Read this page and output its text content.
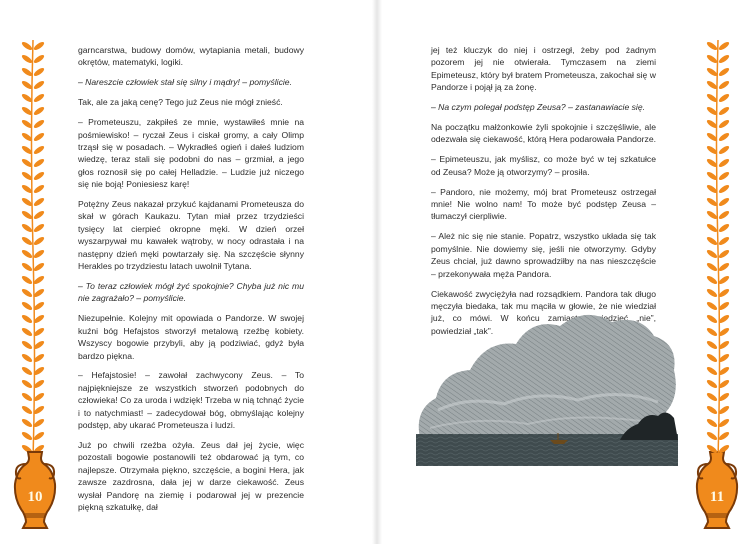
10

garncarstwa, budowy domów, wytapiania metali, budowy okrętów, matematyki, logiki.

– Nareszcie człowiek stał się silny i mądry! – pomyślicie.

Tak, ale za jaką cenę? Tego już Zeus nie mógł znieść.

– Prometeuszu, zakpiłeś ze mnie, wystawiłeś mnie na pośmiewisko! – ryczał Zeus i ciskał gromy, a cały Olimp trząsł się w posadach. – Wykradłeś ogień i dałeś ludziom wiedzę, teraz stali się podobni do nas – grzmiał, a jego głos roznosił się po całej Helladzie. – Ludzie już niczego się nie boją! Poniesiesz karę!

Potężny Zeus nakazał przykuć kajdanami Prometeusza do skał w górach Kaukazu. Tytan miał przez trzydzieści tysięcy lat cierpieć okropne męki. W dzień orzeł wyszarpywał mu kawałek wątroby, w nocy odrastała i na następny dzień męki powtarzały się. Na szczęście słynny Herakles po trzydziestu latach uwolnił Tytana.

– To teraz człowiek mógł żyć spokojnie? Chyba już nic mu nie zagrażało? – pomyślicie.

Niezupełnie. Kolejny mit opowiada o Pandorze. W swojej kuźni bóg Hefajstos stworzył metalową rzeźbę kobiety. Wszyscy bogowie przybyli, aby ją podziwiać, gdyż była bardzo piękna.

– Hefajstosie! – zawołał zachwycony Zeus. – To najpiękniejsze ze wszystkich stworzeń podobnych do człowieka! Co za uroda i wdzięk! Trzeba w nią tchnąć życie i to natychmiast! – zadecydował bóg, obmyślając kolejny podstęp, aby ukarać Prometeusza i ludzi.

Już po chwili rzeźba ożyła. Zeus dał jej życie, więc pozostali bogowie postanowili też obdarować ją tym, co najlepsze. Otrzymała piękno, szczęście, a bogini Hera, jak zawsze zazdrosna, dała jej w darze ciekawość. Zeus wysłał Pandorę na ziemię i podarował jej w prezencie piękną szkatułkę, dał

jej też kluczyk do niej i ostrzegł, żeby pod żadnym pozorem jej nie otwierała. Tymczasem na ziemi Epimeteusz, który był bratem Prometeusza, zakochał się w Pandorze i pojął ją za żonę.

– Na czym polegał podstęp Zeusa? – zastanawiacie się.

Na początku małżonkowie żyli spokojnie i szczęśliwie, ale odezwała się ciekawość, którą Hera podarowała Pandorze.

– Epimeteuszu, jak myślisz, co może być w tej szkatułce od Zeusa? Może ją otworzymy? – prosiła.

– Pandoro, nie możemy, mój brat Prometeusz ostrzegał mnie! Nie wolno nam! To może być podstęp Zeusa – tłumaczył cierpliwie.

– Ależ nic się nie stanie. Popatrz, wszystko układa się tak pomyślnie. Nie dowiemy się, jeśli nie otworzymy. Gdyby Zeus chciał, już dawno sprowadziłby na nas nieszczęście – przekonywała męża Pandora.

Ciekawość zwyciężyła nad rozsądkiem. Pandora tak długo męczyła biedaka, tak mu mąciła w głowie, że nie wiedział już, co mówi. W końcu zamiast powiedzieć „nie”, powiedział „tak”.

11
